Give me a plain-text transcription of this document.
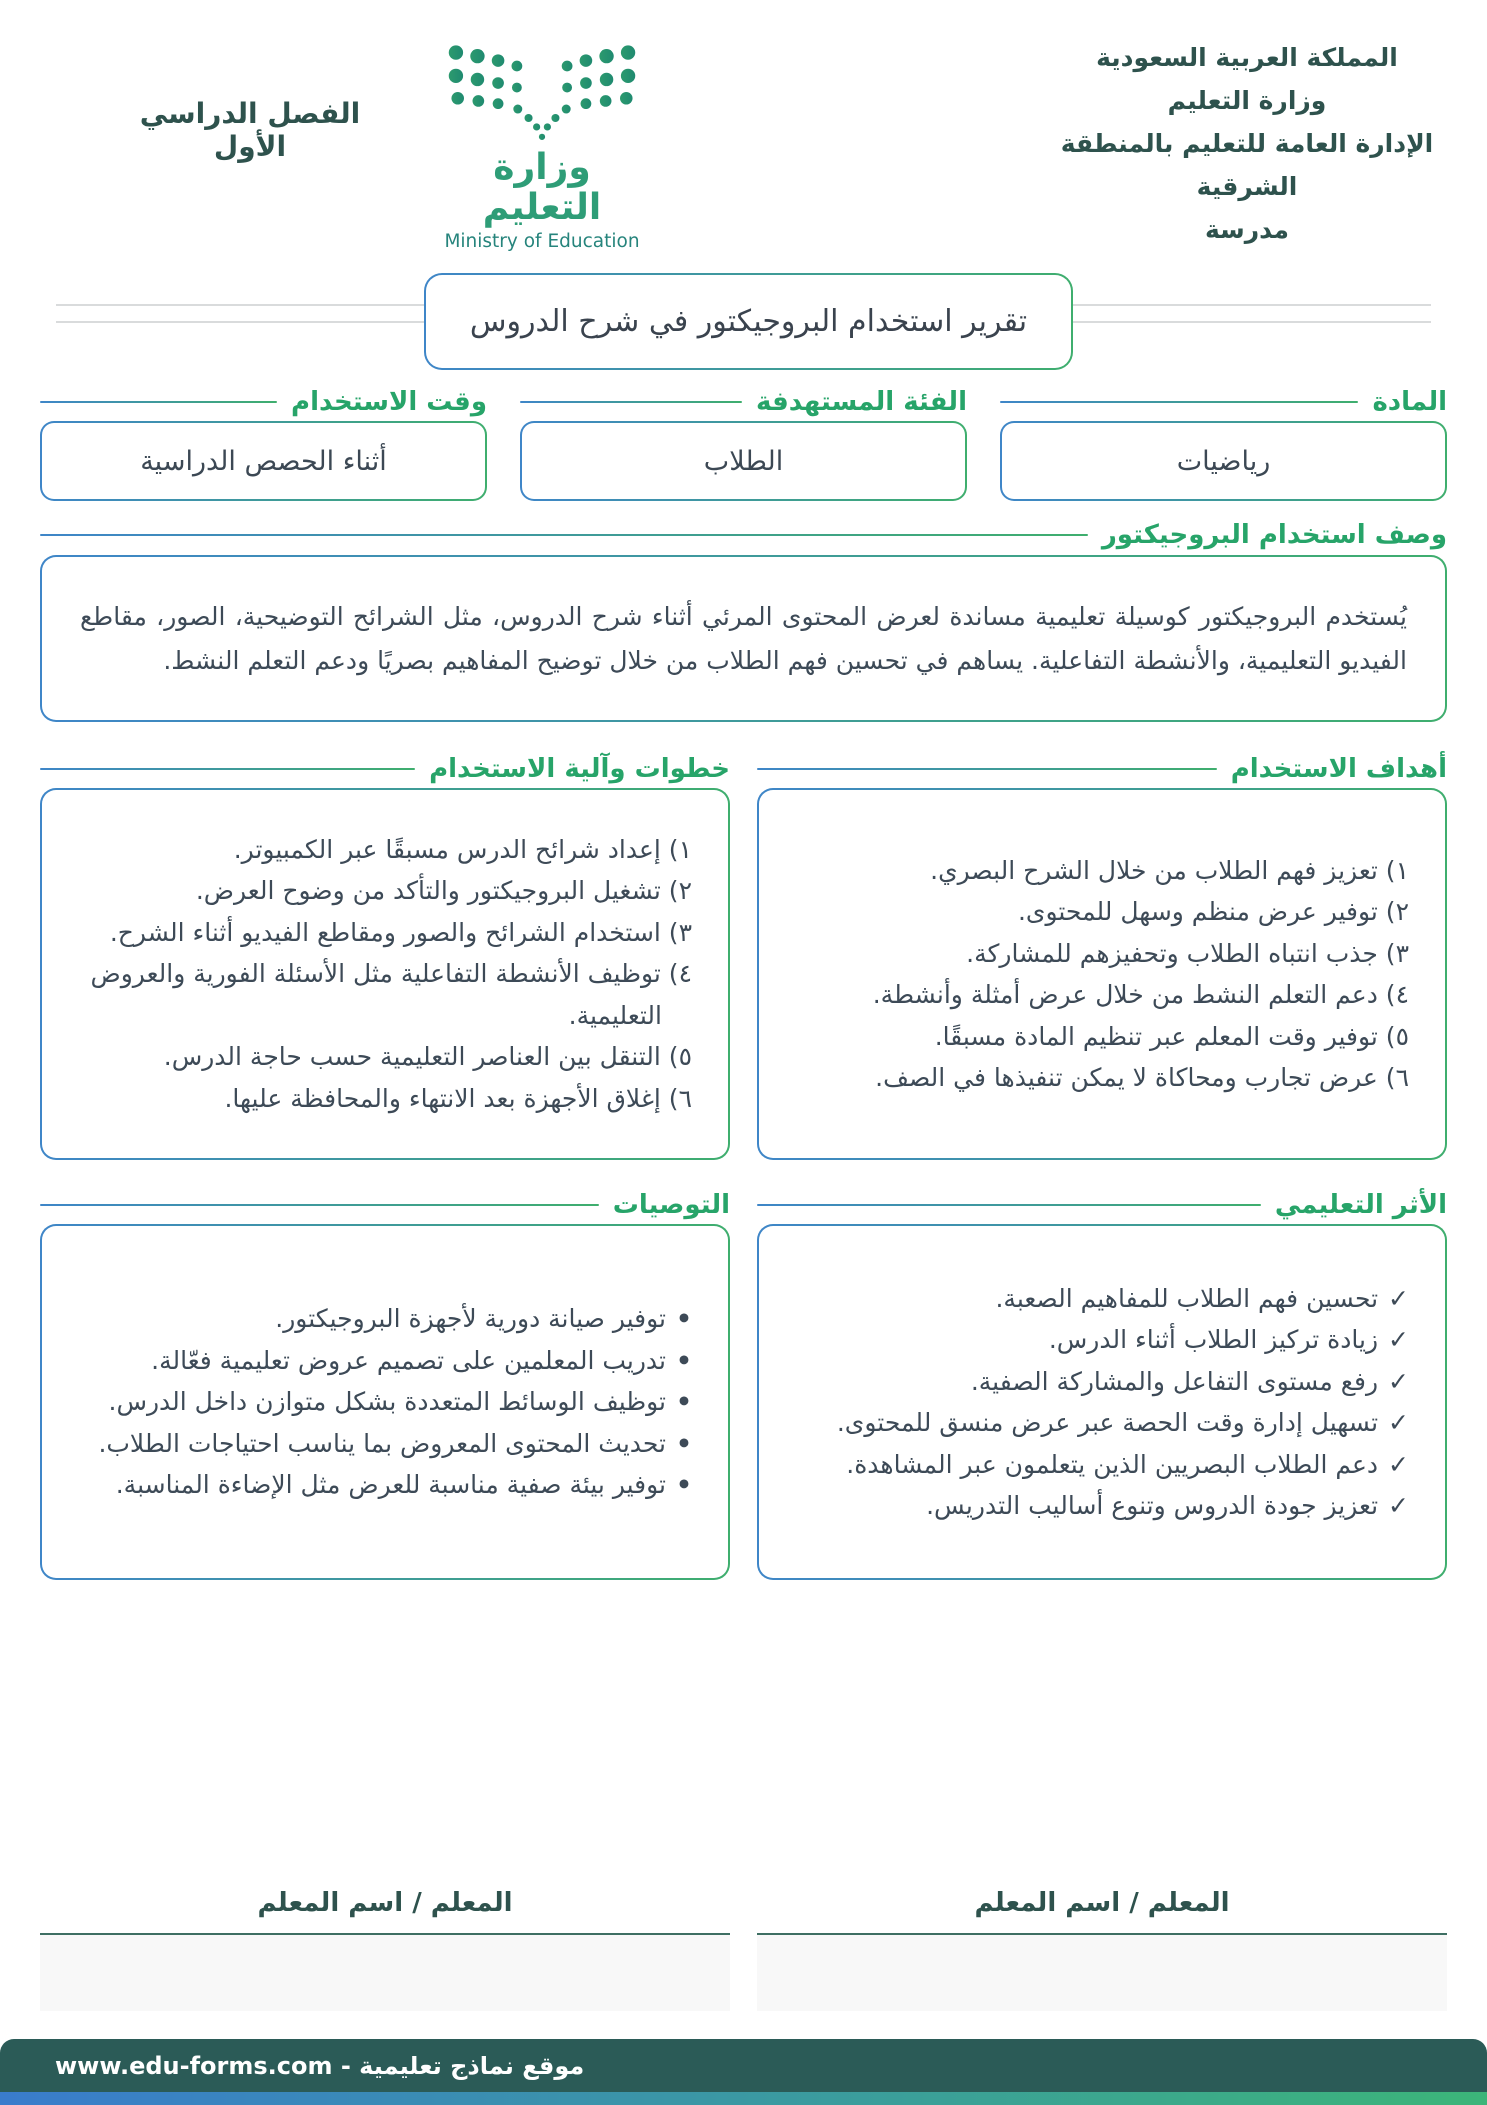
المملكة العربية السعودية
وزارة التعليم
الإدارة العامة للتعليم بالمنطقة الشرقية
مدرسة
وزارة التعليم
Ministry of Education
الفصل الدراسي الأول
تقرير استخدام البروجيكتور في شرح الدروس
المادة
رياضيات
الفئة المستهدفة
الطلاب
وقت الاستخدام
أثناء الحصص الدراسية
وصف استخدام البروجيكتور
يُستخدم البروجيكتور كوسيلة تعليمية مساندة لعرض المحتوى المرئي أثناء شرح الدروس، مثل الشرائح التوضيحية، الصور، مقاطع الفيديو التعليمية، والأنشطة التفاعلية. يساهم في تحسين فهم الطلاب من خلال توضيح المفاهيم بصريًا ودعم التعلم النشط.
أهداف الاستخدام
١) تعزيز فهم الطلاب من خلال الشرح البصري.
٢) توفير عرض منظم وسهل للمحتوى.
٣) جذب انتباه الطلاب وتحفيزهم للمشاركة.
٤) دعم التعلم النشط من خلال عرض أمثلة وأنشطة.
٥) توفير وقت المعلم عبر تنظيم المادة مسبقًا.
٦) عرض تجارب ومحاكاة لا يمكن تنفيذها في الصف.
خطوات وآلية الاستخدام
١) إعداد شرائح الدرس مسبقًا عبر الكمبيوتر.
٢) تشغيل البروجيكتور والتأكد من وضوح العرض.
٣) استخدام الشرائح والصور ومقاطع الفيديو أثناء الشرح.
٤) توظيف الأنشطة التفاعلية مثل الأسئلة الفورية والعروض التعليمية.
٥) التنقل بين العناصر التعليمية حسب حاجة الدرس.
٦) إغلاق الأجهزة بعد الانتهاء والمحافظة عليها.
الأثر التعليمي
✓تحسين فهم الطلاب للمفاهيم الصعبة.
✓زيادة تركيز الطلاب أثناء الدرس.
✓رفع مستوى التفاعل والمشاركة الصفية.
✓تسهيل إدارة وقت الحصة عبر عرض منسق للمحتوى.
✓دعم الطلاب البصريين الذين يتعلمون عبر المشاهدة.
✓تعزيز جودة الدروس وتنوع أساليب التدريس.
التوصيات
•توفير صيانة دورية لأجهزة البروجيكتور.
•تدريب المعلمين على تصميم عروض تعليمية فعّالة.
•توظيف الوسائط المتعددة بشكل متوازن داخل الدرس.
•تحديث المحتوى المعروض بما يناسب احتياجات الطلاب.
•توفير بيئة صفية مناسبة للعرض مثل الإضاءة المناسبة.
المعلم / اسم المعلم
المعلم / اسم المعلم
موقع نماذج تعليمية - www.edu-forms.com
